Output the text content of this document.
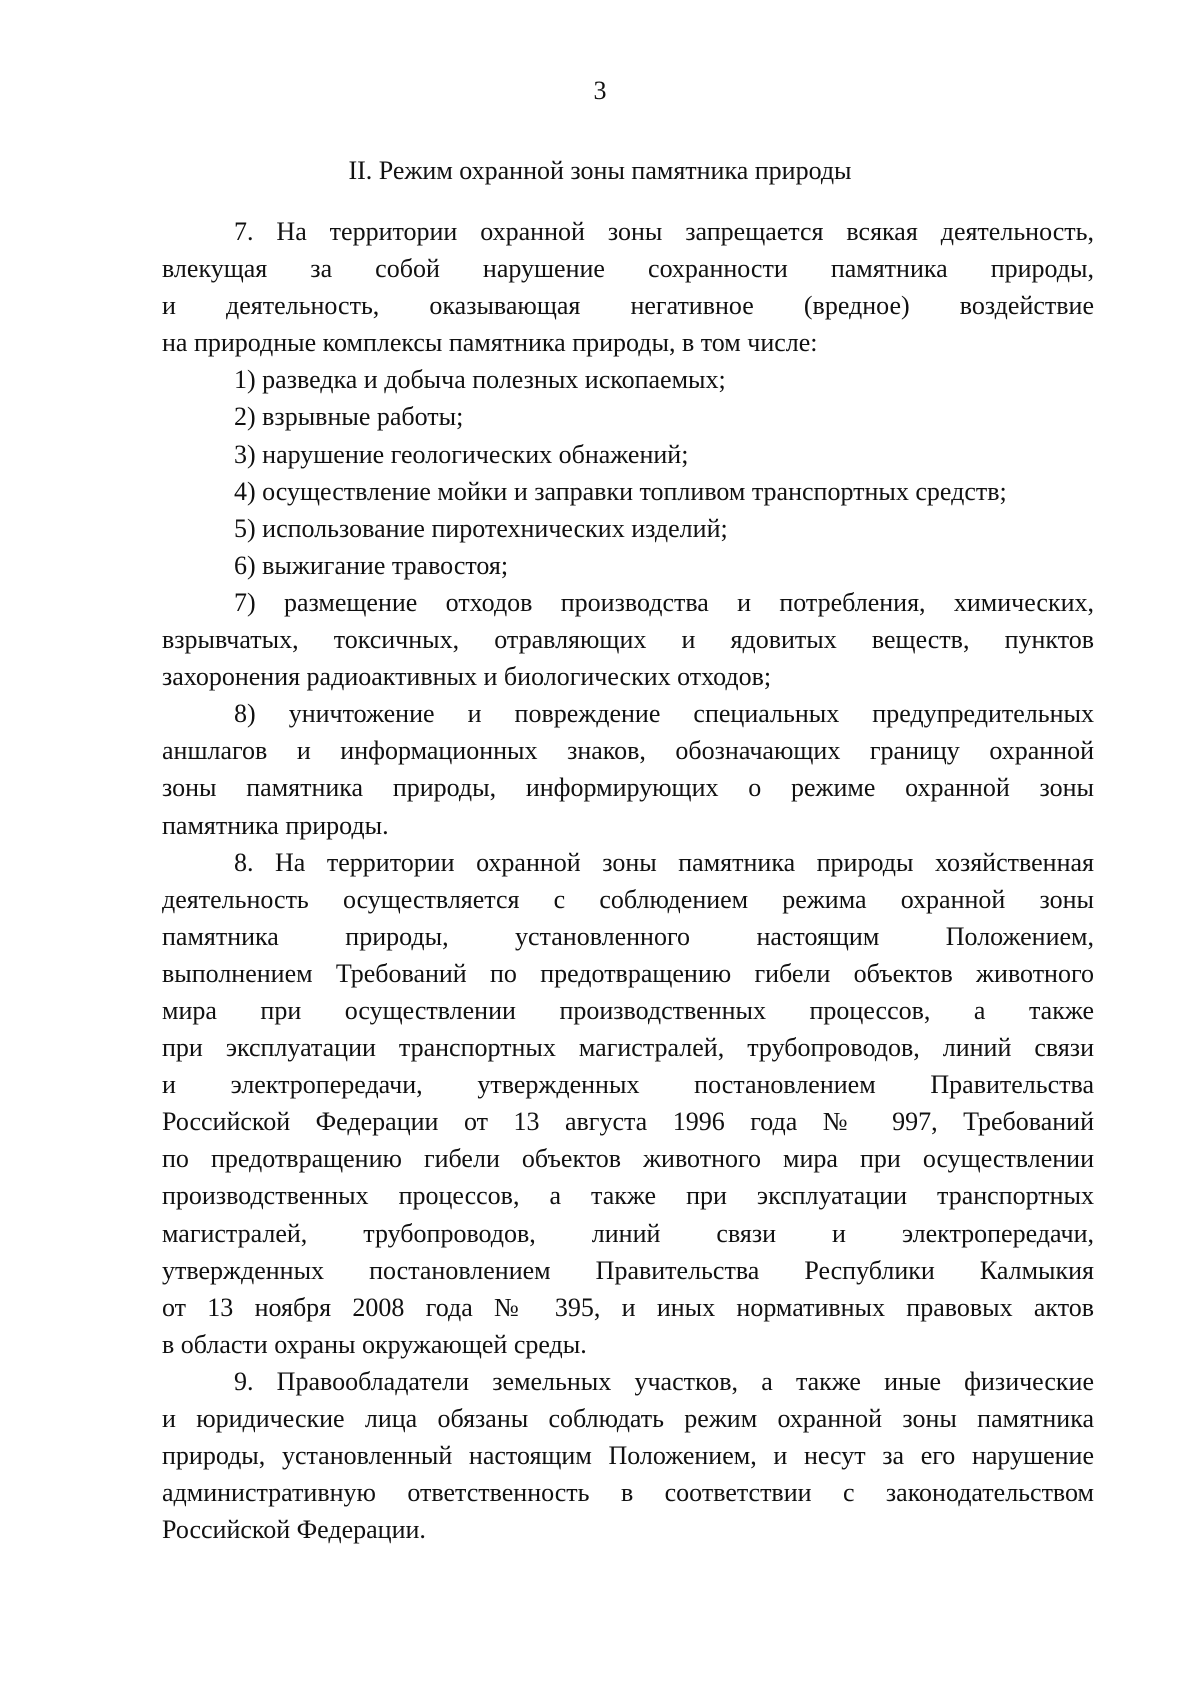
3
II. Режим охранной зоны памятника природы

7. На территории охранной зоны запрещается всякая деятельность,
влекущая за собой нарушение сохранности памятника природы,
и деятельность, оказывающая негативное (вредное) воздействие
на природные комплексы памятника природы, в том числе:

1) разведка и добыча полезных ископаемых;

2) взрывные работы;

3) нарушение геологических обнажений;

4) осуществление мойки и заправки топливом транспортных средств;

5) использование пиротехнических изделий;

6) выжигание травостоя;

7) размещение отходов производства и потребления, химических,
взрывчатых, токсичных, отравляющих и ядовитых веществ, пунктов
захоронения радиоактивных и биологических отходов;

8) уничтожение и повреждение специальных предупредительных
аншлагов и информационных знаков, обозначающих границу охранной
зоны памятника природы, информирующих о режиме охранной зоны
памятника природы.

8. На территории охранной зоны памятника природы хозяйственная
деятельность осуществляется с соблюдением режима охранной зоны
памятника природы, установленного настоящим Положением,
выполнением Требований по предотвращению гибели объектов животного
мира при осуществлении производственных процессов, а также
при эксплуатации транспортных магистралей, трубопроводов, линий связи
и электропередачи, утвержденных постановлением Правительства
Российской Федерации от 13 августа 1996 года № 997, Требований
по предотвращению гибели объектов животного мира при осуществлении
производственных процессов, а также при эксплуатации транспортных
магистралей, трубопроводов, линий связи и электропередачи,
утвержденных постановлением Правительства Республики Калмыкия
от 13 ноября 2008 года № 395, и иных нормативных правовых актов
в области охраны окружающей среды.

9. Правообладатели земельных участков, а также иные физические
и юридические лица обязаны соблюдать режим охранной зоны памятника
природы, установленный настоящим Положением, и несут за его нарушение
административную ответственность в соответствии с законодательством
Российской Федерации.
